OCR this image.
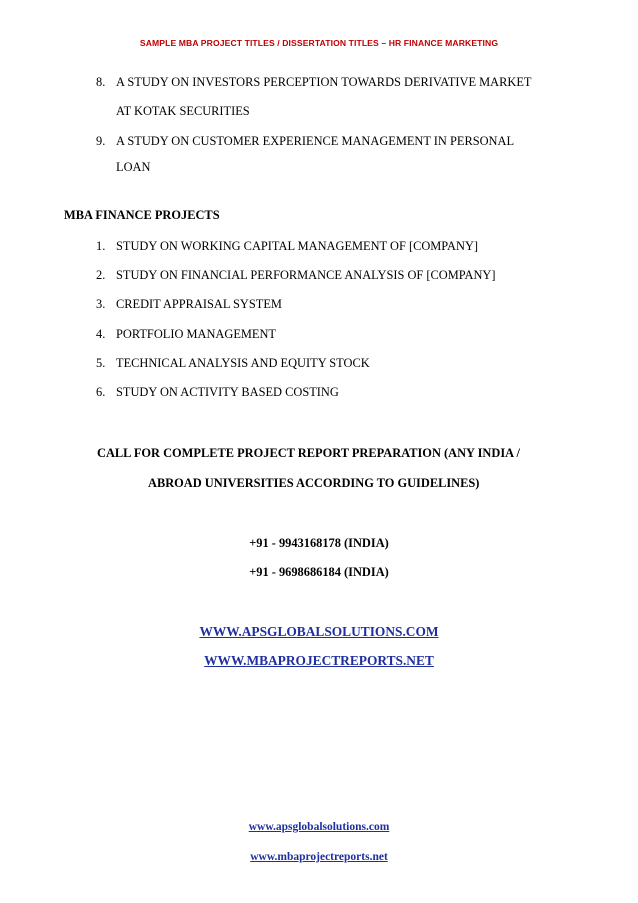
SAMPLE MBA PROJECT TITLES / DISSERTATION TITLES – HR FINANCE MARKETING
8. A STUDY ON INVESTORS PERCEPTION TOWARDS DERIVATIVE MARKET
AT KOTAK SECURITIES
9. A STUDY ON CUSTOMER EXPERIENCE MANAGEMENT IN PERSONAL
LOAN
MBA FINANCE PROJECTS
1. STUDY ON WORKING CAPITAL MANAGEMENT OF [COMPANY]
2. STUDY ON FINANCIAL PERFORMANCE ANALYSIS OF [COMPANY]
3. CREDIT APPRAISAL SYSTEM
4. PORTFOLIO MANAGEMENT
5. TECHNICAL ANALYSIS AND EQUITY STOCK
6. STUDY ON ACTIVITY BASED COSTING
CALL FOR COMPLETE PROJECT REPORT PREPARATION (ANY INDIA /
ABROAD UNIVERSITIES ACCORDING TO GUIDELINES)
+91 - 9943168178 (INDIA)
+91 - 9698686184 (INDIA)
WWW.APSGLOBALSOLUTIONS.COM
WWW.MBAPROJECTREPORTS.NET
www.apsglobalsolutions.com
www.mbaprojectreports.net
